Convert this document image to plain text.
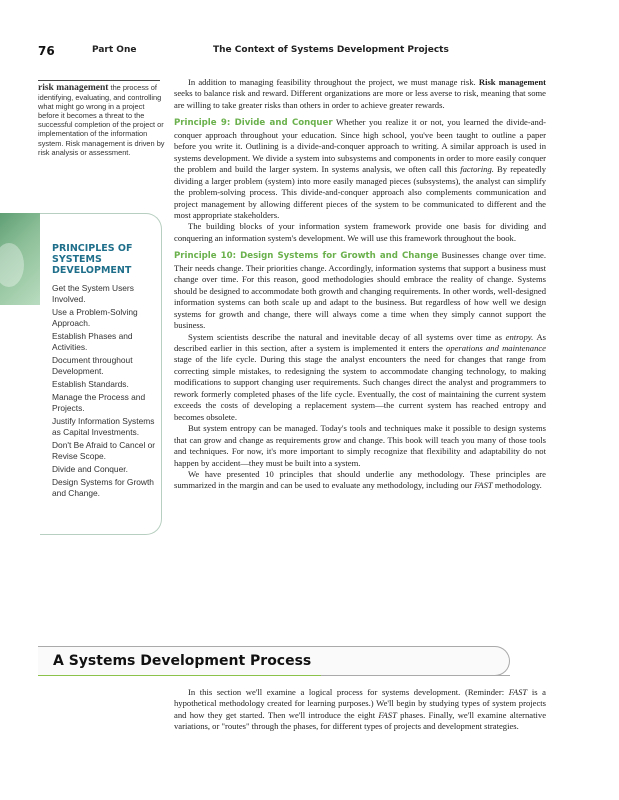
76	Part One	The Context of Systems Development Projects
risk management the process of identifying, evaluating, and controlling what might go wrong in a project before it becomes a threat to the successful completion of the project or implementation of the information system. Risk management is driven by risk analysis or assessment.
PRINCIPLES OF SYSTEMS DEVELOPMENT
Get the System Users Involved.
Use a Problem-Solving Approach.
Establish Phases and Activities.
Document throughout Development.
Establish Standards.
Manage the Process and Projects.
Justify Information Systems as Capital Investments.
Don't Be Afraid to Cancel or Revise Scope.
Divide and Conquer.
Design Systems for Growth and Change.

In addition to managing feasibility throughout the project, we must manage risk. Risk management seeks to balance risk and reward. Different organizations are more or less averse to risk, meaning that some are willing to take greater risks than others in order to achieve greater rewards.

Principle 9: Divide and Conquer Whether you realize it or not, you learned the divide-and-conquer approach throughout your education. Since high school, you've been taught to outline a paper before you write it. Outlining is a divide-and-conquer approach to writing. A similar approach is used in systems development. We divide a system into subsystems and components in order to more easily conquer the problem and build the larger system. In systems analysis, we often call this factoring. By repeatedly dividing a larger problem (system) into more easily managed pieces (subsystems), the analyst can simplify the problem-solving process. This divide-and-conquer approach also complements communication and project management by allowing different pieces of the system to be communicated to different and the most appropriate stakeholders.

The building blocks of your information system framework provide one basis for dividing and conquering an information system's development. We will use this framework throughout the book.

Principle 10: Design Systems for Growth and Change Businesses change over time. Their needs change. Their priorities change. Accordingly, information systems that support a business must change over time. For this reason, good methodologies should embrace the reality of change. Systems should be designed to accommodate both growth and changing requirements. In other words, well-designed information systems can both scale up and adapt to the business. But regardless of how well we design systems for growth and change, there will always come a time when they simply cannot support the business.

System scientists describe the natural and inevitable decay of all systems over time as entropy. As described earlier in this section, after a system is implemented it enters the operations and maintenance stage of the life cycle. During this stage the analyst encounters the need for changes that range from correcting simple mistakes, to redesigning the system to accommodate changing technology, to making modifications to support changing user requirements. Such changes direct the analyst and programmers to rework formerly completed phases of the life cycle. Eventually, the cost of maintaining the current system exceeds the costs of developing a replacement system—the current system has reached entropy and becomes obsolete.

But system entropy can be managed. Today's tools and techniques make it possible to design systems that can grow and change as requirements grow and change. This book will teach you many of those tools and techniques. For now, it's more important to simply recognize that flexibility and adaptability do not happen by accident—they must be built into a system.

We have presented 10 principles that should underlie any methodology. These principles are summarized in the margin and can be used to evaluate any methodology, including our FAST methodology.

A Systems Development Process

In this section we'll examine a logical process for systems development. (Reminder: FAST is a hypothetical methodology created for learning purposes.) We'll begin by studying types of system projects and how they get started. Then we'll introduce the eight FAST phases. Finally, we'll examine alternative variations, or "routes" through the phases, for different types of projects and development strategies.
